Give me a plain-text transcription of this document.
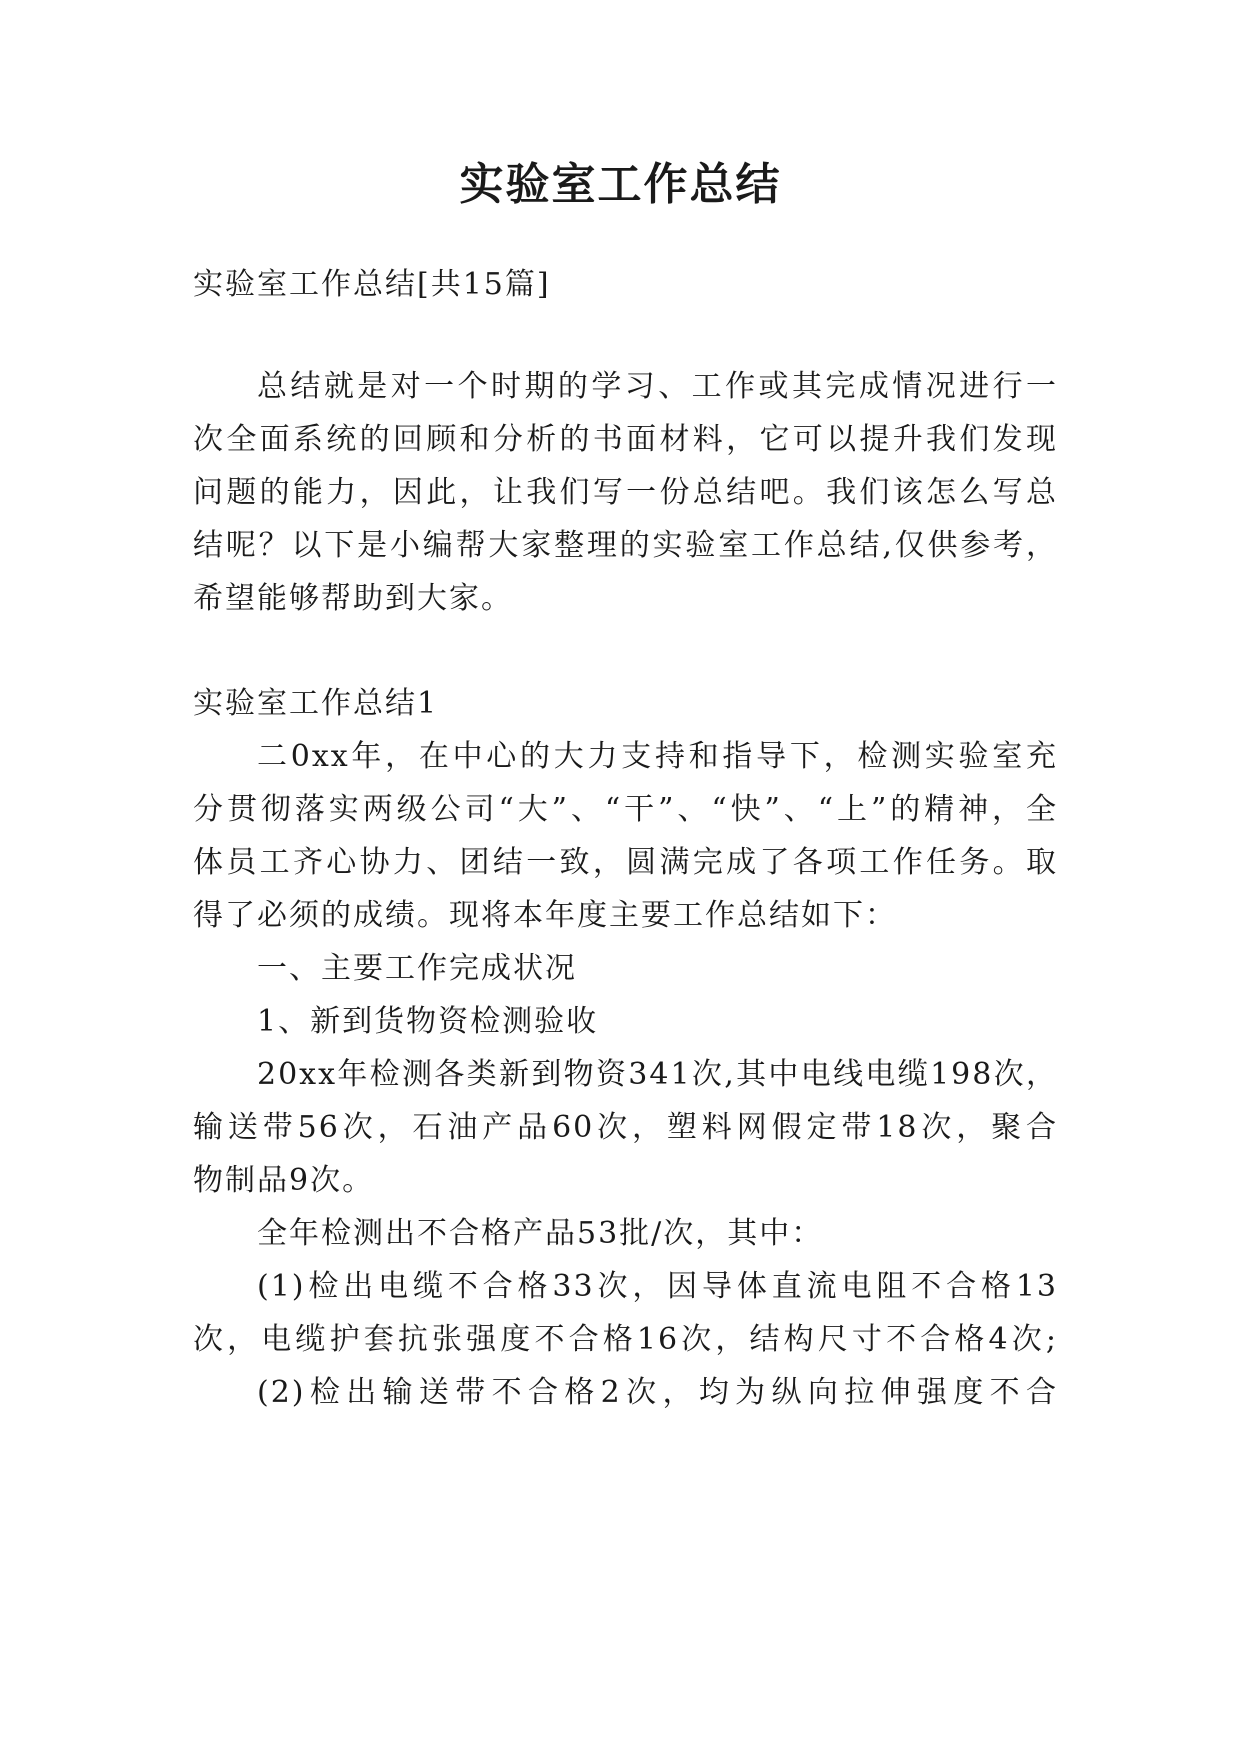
实验室工作总结
实验室工作总结[共15篇]
总结就是对一个时期的学习、工作或其完成情况进行一
次全面系统的回顾和分析的书面材料，它可以提升我们发现
问题的能力，因此，让我们写一份总结吧。我们该怎么写总
结呢？以下是小编帮大家整理的实验室工作总结,仅供参考，
希望能够帮助到大家。
实验室工作总结1
二0xx年，在中心的大力支持和指导下，检测实验室充
分贯彻落实两级公司“大”、“干”、“快”、“上”的精神，全
体员工齐心协力、团结一致，圆满完成了各项工作任务。取
得了必须的成绩。现将本年度主要工作总结如下：
一、主要工作完成状况
1、新到货物资检测验收
20xx年检测各类新到物资341次,其中电线电缆198次，
输送带56次，石油产品60次，塑料网假定带18次，聚合
物制品9次。
全年检测出不合格产品53批/次，其中：
(1)检出电缆不合格33次，因导体直流电阻不合格13
次，电缆护套抗张强度不合格16次，结构尺寸不合格4次;
(2)检出输送带不合格2次，均为纵向拉伸强度不合
